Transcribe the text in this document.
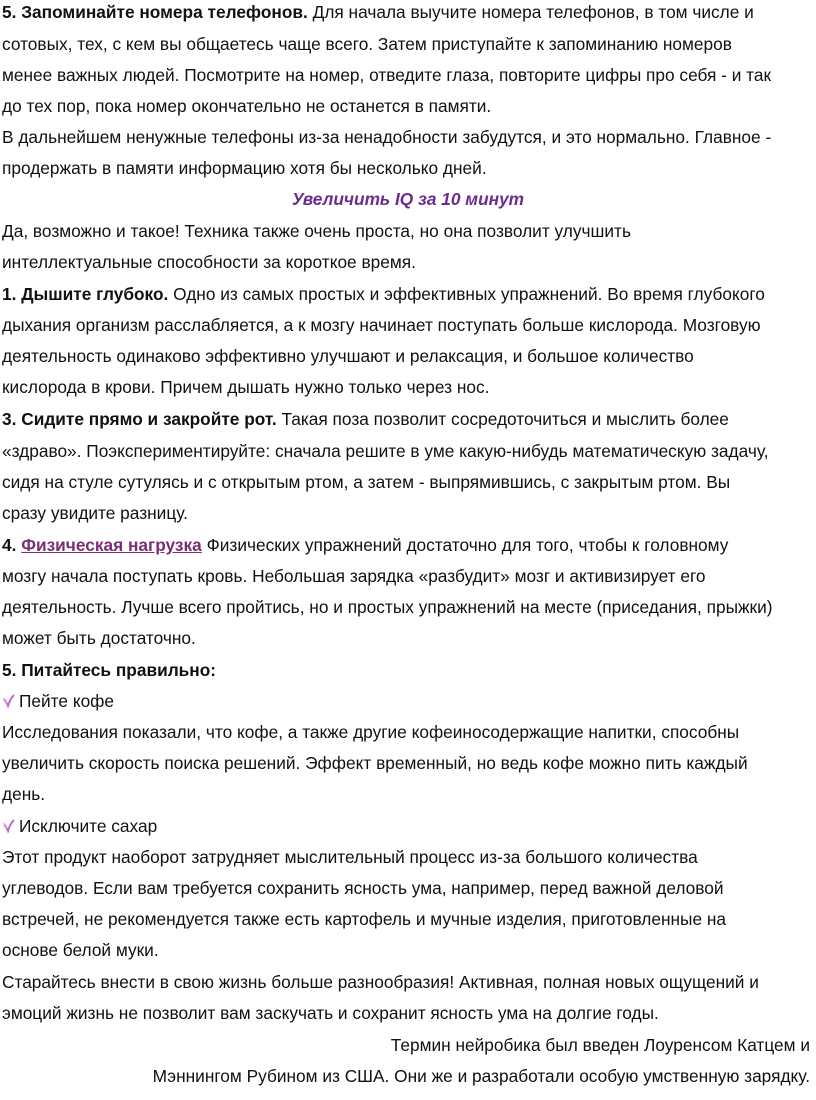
5. Запоминайте номера телефонов. Для начала выучите номера телефонов, в том числе и
сотовых, тех, с кем вы общаетесь чаще всего. Затем приступайте к запоминанию номеров
менее важных людей. Посмотрите на номер, отведите глаза, повторите цифры про себя - и так
до тех пор, пока номер окончательно не останется в памяти.
В дальнейшем ненужные телефоны из-за ненадобности забудутся, и это нормально. Главное -
продержать в памяти информацию хотя бы несколько дней.
Увеличить IQ за 10 минут
Да, возможно и такое! Техника также очень проста, но она позволит улучшить
интеллектуальные способности за короткое время.
1. Дышите глубоко. Одно из самых простых и эффективных упражнений. Во время глубокого
дыхания организм расслабляется, а к мозгу начинает поступать больше кислорода. Мозговую
деятельность одинаково эффективно улучшают и релаксация, и большое количество
кислорода в крови. Причем дышать нужно только через нос.
3. Сидите прямо и закройте рот. Такая поза позволит сосредоточиться и мыслить более
«здраво». Поэкспериментируйте: сначала решите в уме какую-нибудь математическую задачу,
сидя на стуле сутулясь и с открытым ртом, а затем - выпрямившись, с закрытым ртом. Вы
сразу увидите разницу.
4. Физическая нагрузка Физических упражнений достаточно для того, чтобы к головному
мозгу начала поступать кровь. Небольшая зарядка «разбудит» мозг и активизирует его
деятельность. Лучше всего пройтись, но и простых упражнений на месте (приседания, прыжки)
может быть достаточно.
5. Питайтесь правильно:
Пейте кофе
Исследования показали, что кофе, а также другие кофеиносодержащие напитки, способны
увеличить скорость поиска решений. Эффект временный, но ведь кофе можно пить каждый
день.
Исключите сахар
Этот продукт наоборот затрудняет мыслительный процесс из-за большого количества
углеводов. Если вам требуется сохранить ясность ума, например, перед важной деловой
встречей, не рекомендуется также есть картофель и мучные изделия, приготовленные на
основе белой муки.
Старайтесь внести в свою жизнь больше разнообразия! Активная, полная новых ощущений и
эмоций жизнь не позволит вам заскучать и сохранит ясность ума на долгие годы.
Термин нейробика был введен Лоуренсом Катцем и
Мэннингом Рубином из США. Они же и разработали особую умственную зарядку.
